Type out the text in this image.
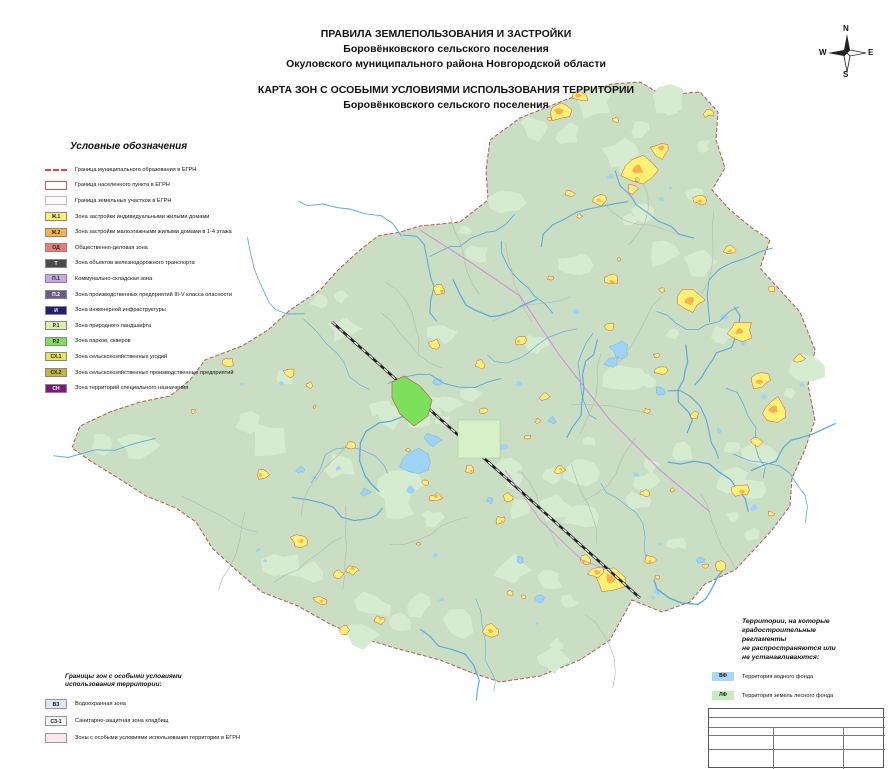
ПРАВИЛА ЗЕМЛЕПОЛЬЗОВАНИЯ И ЗАСТРОЙКИ
Боровёнковского сельского поселения
Окуловского муниципального района Новгородской области
КАРТА ЗОН С ОСОБЫМИ УСЛОВИЯМИ ИСПОЛЬЗОВАНИЯ ТЕРРИТОРИИ
Боровёнковского сельского поселения
N
S
E
W
Условные обозначения
Граница муниципального образования в ЕГРН
Граница населенного пункта в ЕГРН
Граница земельных участков в ЕГРН
Ж.1	Зона застройки индивидуальными жилыми домами
Ж.2	Зона застройки малоэтажными жилыми домами в 1-4 этажа
ОД	Общественно-деловая зона
Т	Зона объектов железнодорожного транспорта
П.1	Коммунально-складская зона
П.2	Зона производственных предприятий III-V класса опасности
И	Зона инженерной инфраструктуры
Р.1	Зона природного ландшафта
Р.2	Зона парков, скверов
СХ.1	Зона сельскохозяйственных угодий
СХ.2	Зона сельскохозяйственных производственных предприятий
СН	Зона территорий специального назначения
Границы зон с особыми условиями
использования территории:
ВЗ	Водоохранная зона
СЗ-1	Санитарно-защитная зона кладбищ
Зоны с особыми условиями использования территории в ЕГРН
Территории, на которые
градостроительные регламенты
не распространяются или
не устанавливаются:
ВФ	Территория водного фонда
ЛФ	Территория земель лесного фонда
